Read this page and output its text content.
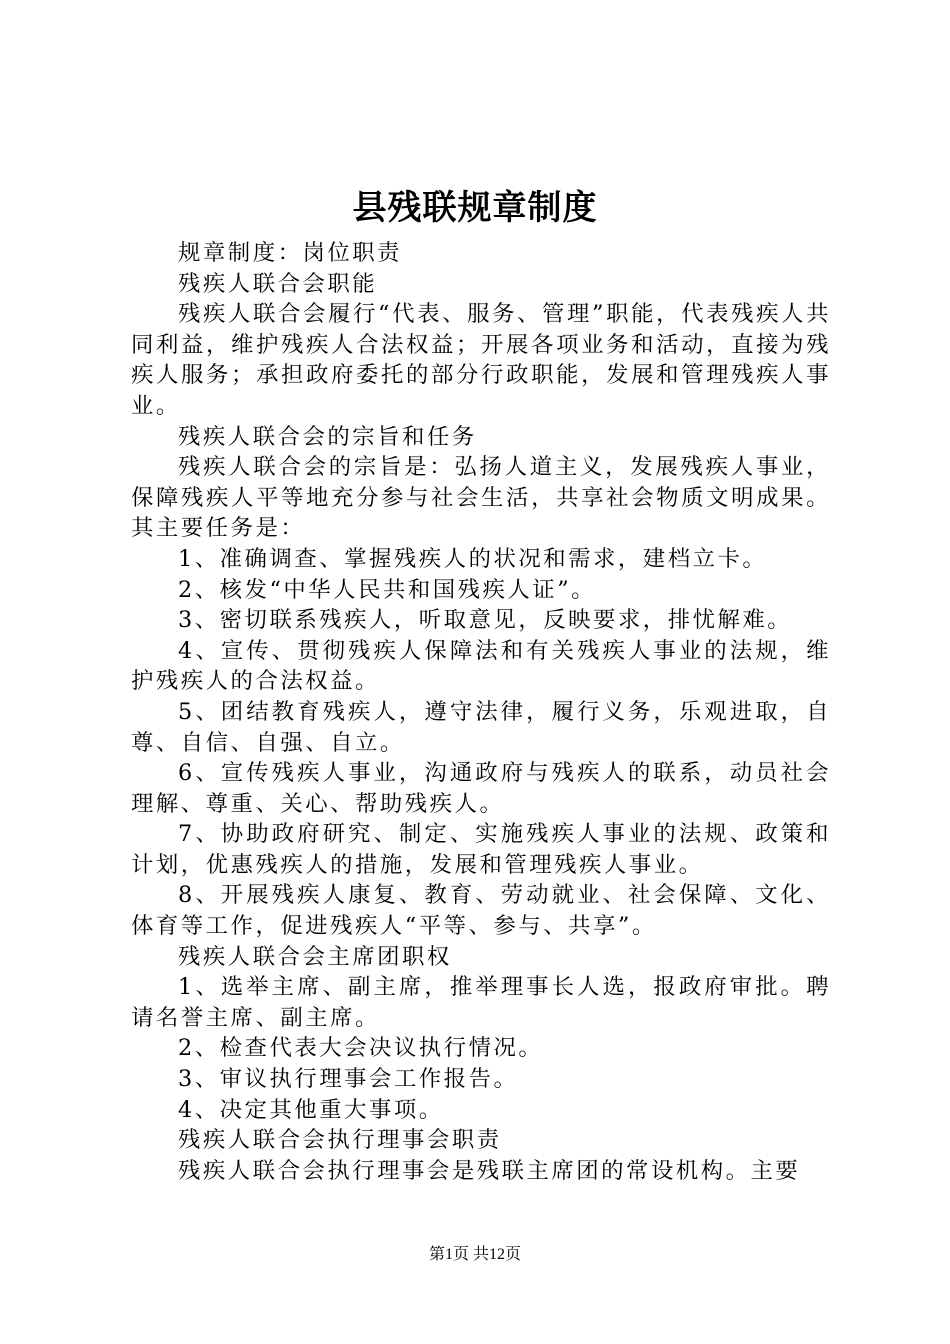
县残联规章制度

规章制度：岗位职责

残疾人联合会职能

残疾人联合会履行“代表、服务、管理”职能，代表残疾人共同利益，维护残疾人合法权益；开展各项业务和活动，直接为残疾人服务；承担政府委托的部分行政职能，发展和管理残疾人事业。

残疾人联合会的宗旨和任务

残疾人联合会的宗旨是：弘扬人道主义，发展残疾人事业，保障残疾人平等地充分参与社会生活，共享社会物质文明成果。其主要任务是：

1、准确调查、掌握残疾人的状况和需求，建档立卡。

2、核发“中华人民共和国残疾人证”。

3、密切联系残疾人，听取意见，反映要求，排忧解难。

4、宣传、贯彻残疾人保障法和有关残疾人事业的法规，维护残疾人的合法权益。

5、团结教育残疾人，遵守法律，履行义务，乐观进取，自尊、自信、自强、自立。

6、宣传残疾人事业，沟通政府与残疾人的联系，动员社会理解、尊重、关心、帮助残疾人。

7、协助政府研究、制定、实施残疾人事业的法规、政策和计划，优惠残疾人的措施，发展和管理残疾人事业。

8、开展残疾人康复、教育、劳动就业、社会保障、文化、体育等工作，促进残疾人“平等、参与、共享”。

残疾人联合会主席团职权

1、选举主席、副主席，推举理事长人选，报政府审批。聘请名誉主席、副主席。

2、检查代表大会决议执行情况。

3、审议执行理事会工作报告。

4、决定其他重大事项。

残疾人联合会执行理事会职责

残疾人联合会执行理事会是残联主席团的常设机构。主要

第1页 共12页
